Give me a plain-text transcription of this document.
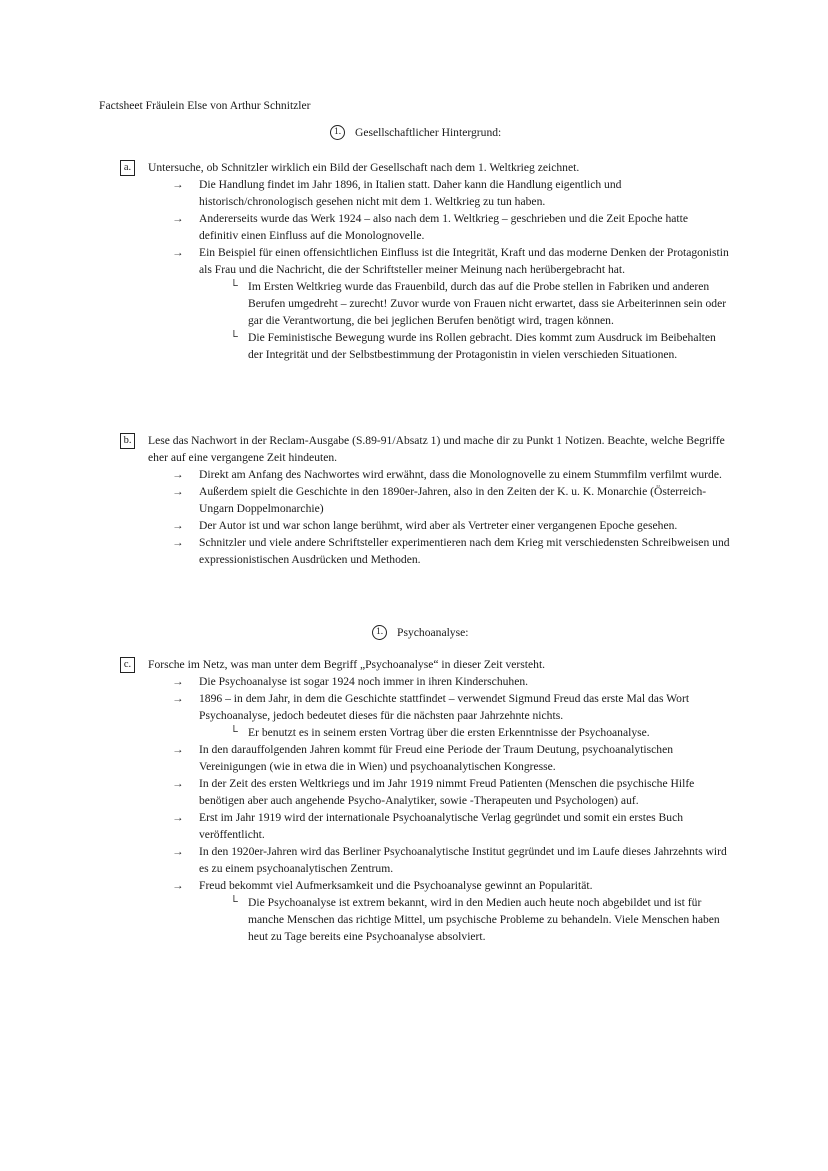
Factsheet Fräulein Else von Arthur Schnitzler
1.	Gesellschaftlicher Hintergrund:
a.	Untersuche, ob Schnitzler wirklich ein Bild der Gesellschaft nach dem 1. Weltkrieg zeichnet.
→ Die Handlung findet im Jahr 1896, in Italien statt. Daher kann die Handlung eigentlich und historisch/chronologisch gesehen nicht mit dem 1. Weltkrieg zu tun haben.
→ Andererseits wurde das Werk 1924 – also nach dem 1. Weltkrieg – geschrieben und die Zeit Epoche hatte definitiv einen Einfluss auf die Monolognovelle.
→ Ein Beispiel für einen offensichtlichen Einfluss ist die Integrität, Kraft und das moderne Denken der Protagonistin als Frau und die Nachricht, die der Schriftsteller meiner Meinung nach herübergebracht hat.
└ Im Ersten Weltkrieg wurde das Frauenbild, durch das auf die Probe stellen in Fabriken und anderen Berufen umgedreht – zurecht! Zuvor wurde von Frauen nicht erwartet, dass sie Arbeiterinnen sein oder gar die Verantwortung, die bei jeglichen Berufen benötigt wird, tragen können.
└ Die Feministische Bewegung wurde ins Rollen gebracht. Dies kommt zum Ausdruck im Beibehalten der Integrität und der Selbstbestimmung der Protagonistin in vielen verschieden Situationen.
b.	Lese das Nachwort in der Reclam-Ausgabe (S.89-91/Absatz 1) und mache dir zu Punkt 1 Notizen. Beachte, welche Begriffe eher auf eine vergangene Zeit hindeuten.
→ Direkt am Anfang des Nachwortes wird erwähnt, dass die Monolognovelle zu einem Stummfilm verfilmt wurde.
→ Außerdem spielt die Geschichte in den 1890er-Jahren, also in den Zeiten der K. u. K. Monarchie (Österreich-Ungarn Doppelmonarchie)
→ Der Autor ist und war schon lange berühmt, wird aber als Vertreter einer vergangenen Epoche gesehen.
→ Schnitzler und viele andere Schriftsteller experimentieren nach dem Krieg mit verschiedensten Schreibweisen und expressionistischen Ausdrücken und Methoden.
1.	Psychoanalyse:
c.	Forsche im Netz, was man unter dem Begriff „Psychoanalyse“ in dieser Zeit versteht.
→ Die Psychoanalyse ist sogar 1924 noch immer in ihren Kinderschuhen.
→ 1896 – in dem Jahr, in dem die Geschichte stattfindet – verwendet Sigmund Freud das erste Mal das Wort Psychoanalyse, jedoch bedeutet dieses für die nächsten paar Jahrzehnte nichts.
└ Er benutzt es in seinem ersten Vortrag über die ersten Erkenntnisse der Psychoanalyse.
→ In den darauffolgenden Jahren kommt für Freud eine Periode der Traum Deutung, psychoanalytischen Vereinigungen (wie in etwa die in Wien) und psychoanalytischen Kongresse.
→ In der Zeit des ersten Weltkriegs und im Jahr 1919 nimmt Freud Patienten (Menschen die psychische Hilfe benötigen aber auch angehende Psycho-Analytiker, sowie -Therapeuten und Psychologen) auf.
→ Erst im Jahr 1919 wird der internationale Psychoanalytische Verlag gegründet und somit ein erstes Buch veröffentlicht.
→ In den 1920er-Jahren wird das Berliner Psychoanalytische Institut gegründet und im Laufe dieses Jahrzehnts wird es zu einem psychoanalytischen Zentrum.
→ Freud bekommt viel Aufmerksamkeit und die Psychoanalyse gewinnt an Popularität.
└ Die Psychoanalyse ist extrem bekannt, wird in den Medien auch heute noch abgebildet und ist für manche Menschen das richtige Mittel, um psychische Probleme zu behandeln. Viele Menschen haben heut zu Tage bereits eine Psychoanalyse absolviert.
